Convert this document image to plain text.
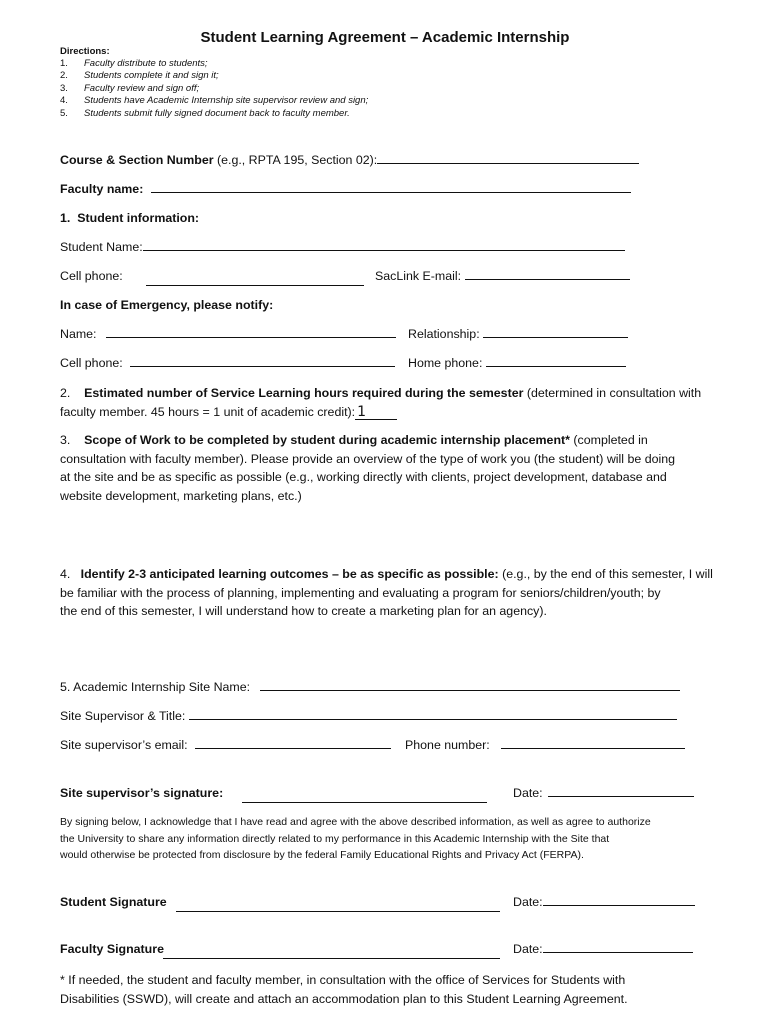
Student Learning Agreement – Academic Internship
Directions:
1. Faculty distribute to students;
2. Students complete it and sign it;
3. Faculty review and sign off;
4. Students have Academic Internship site supervisor review and sign;
5. Students submit fully signed document back to faculty member.
Course & Section Number (e.g., RPTA 195, Section 02):
Faculty name:
1. Student information:
Student Name:
Cell phone:	SacLink E-mail:
In case of Emergency, please notify:
Name:	Relationship:
Cell phone:	Home phone:
2. Estimated number of Service Learning hours required during the semester (determined in consultation with
faculty member. 45 hours = 1 unit of academic credit): 1
3. Scope of Work to be completed by student during academic internship placement* (completed in
consultation with faculty member). Please provide an overview of the type of work you (the student) will be doing
at the site and be as specific as possible (e.g., working directly with clients, project development, database and
website development, marketing plans, etc.)
4. Identify 2-3 anticipated learning outcomes – be as specific as possible: (e.g., by the end of this semester, I will
be familiar with the process of planning, implementing and evaluating a program for seniors/children/youth; by
the end of this semester, I will understand how to create a marketing plan for an agency).
5. Academic Internship Site Name:
Site Supervisor & Title:
Site supervisor’s email:	Phone number:
Site supervisor’s signature:	Date:
By signing below, I acknowledge that I have read and agree with the above described information, as well as agree to authorize
the University to share any information directly related to my performance in this Academic Internship with the Site that
would otherwise be protected from disclosure by the federal Family Educational Rights and Privacy Act (FERPA).
Student Signature	Date:
Faculty Signature	Date:
* If needed, the student and faculty member, in consultation with the office of Services for Students with
Disabilities (SSWD), will create and attach an accommodation plan to this Student Learning Agreement.
